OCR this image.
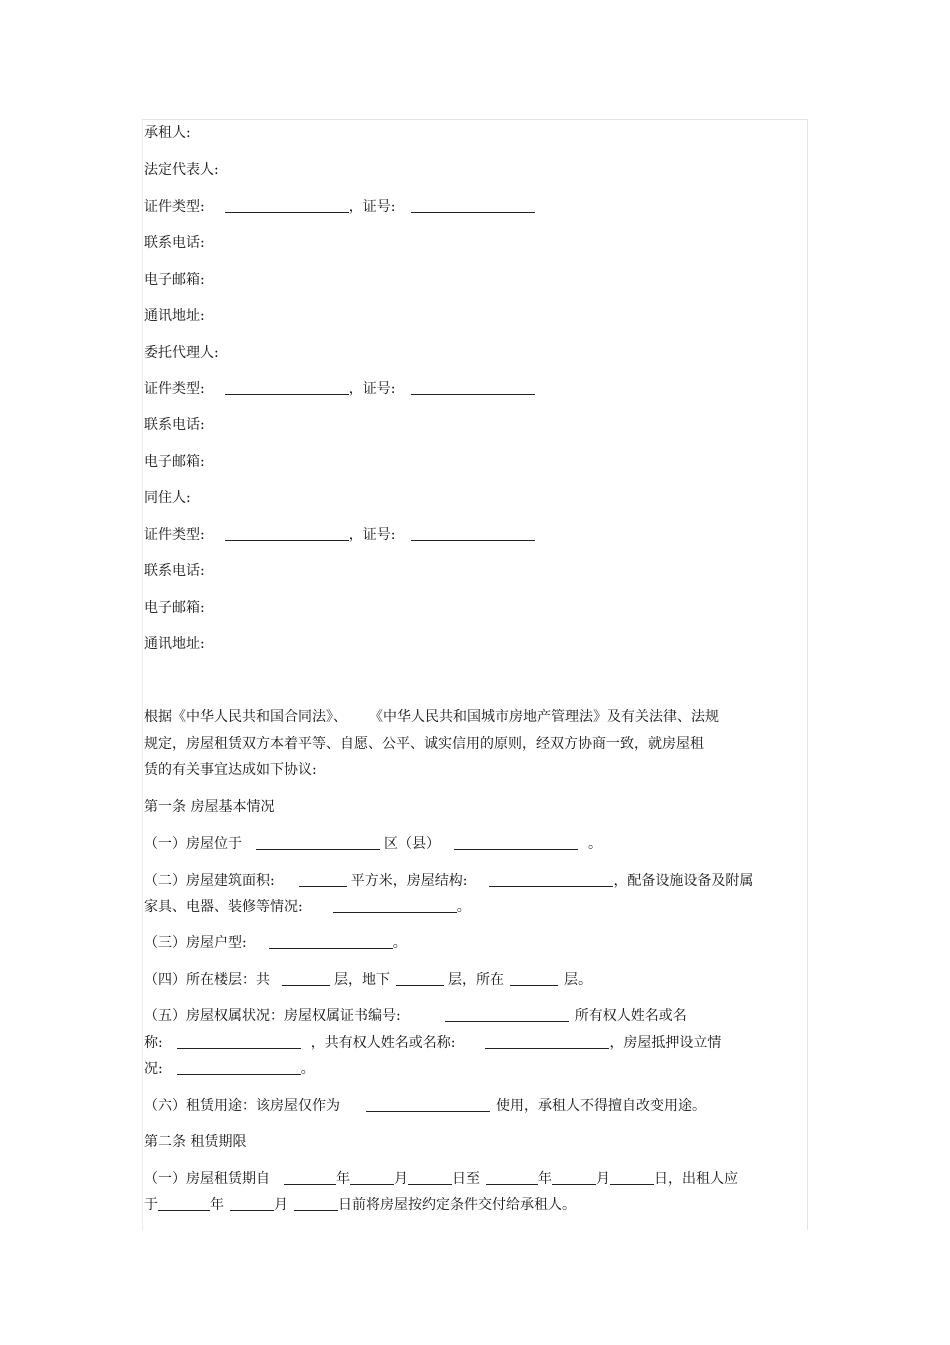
承租人:
法定代表人:
证件类型:	，证号:
联系电话:
电子邮箱:
通讯地址:
委托代理人:
证件类型:	，证号:
联系电话:
电子邮箱:
同住人:
证件类型:	，证号:
联系电话:
电子邮箱:
通讯地址:
根据《中华人民共和国合同法》、 《中华人民共和国城市房地产管理法》及有关法律、法规
规定，房屋租赁双方本着平等、自愿、公平、诚实信用的原则，经双方协商一致，就房屋租
赁的有关事宜达成如下协议:
第一条 房屋基本情况
（一）房屋位于	区（县）	。
（二）房屋建筑面积:	平方米，房屋结构:	，配备设施设备及附属
家具、电器、装修等情况:	。
（三）房屋户型:	。
（四）所在楼层：共	层，地下	层，所在	层。
（五）房屋权属状况：房屋权属证书编号:	所有权人姓名或名
称:	，共有权人姓名或名称:	，房屋抵押设立情
况:	。
（六）租赁用途：该房屋仅作为	使用，承租人不得擅自改变用途。
第二条 租赁期限
（一）房屋租赁期自	年	月	日至	年	月	日，出租人应
于	年	月	日前将房屋按约定条件交付给承租人。
